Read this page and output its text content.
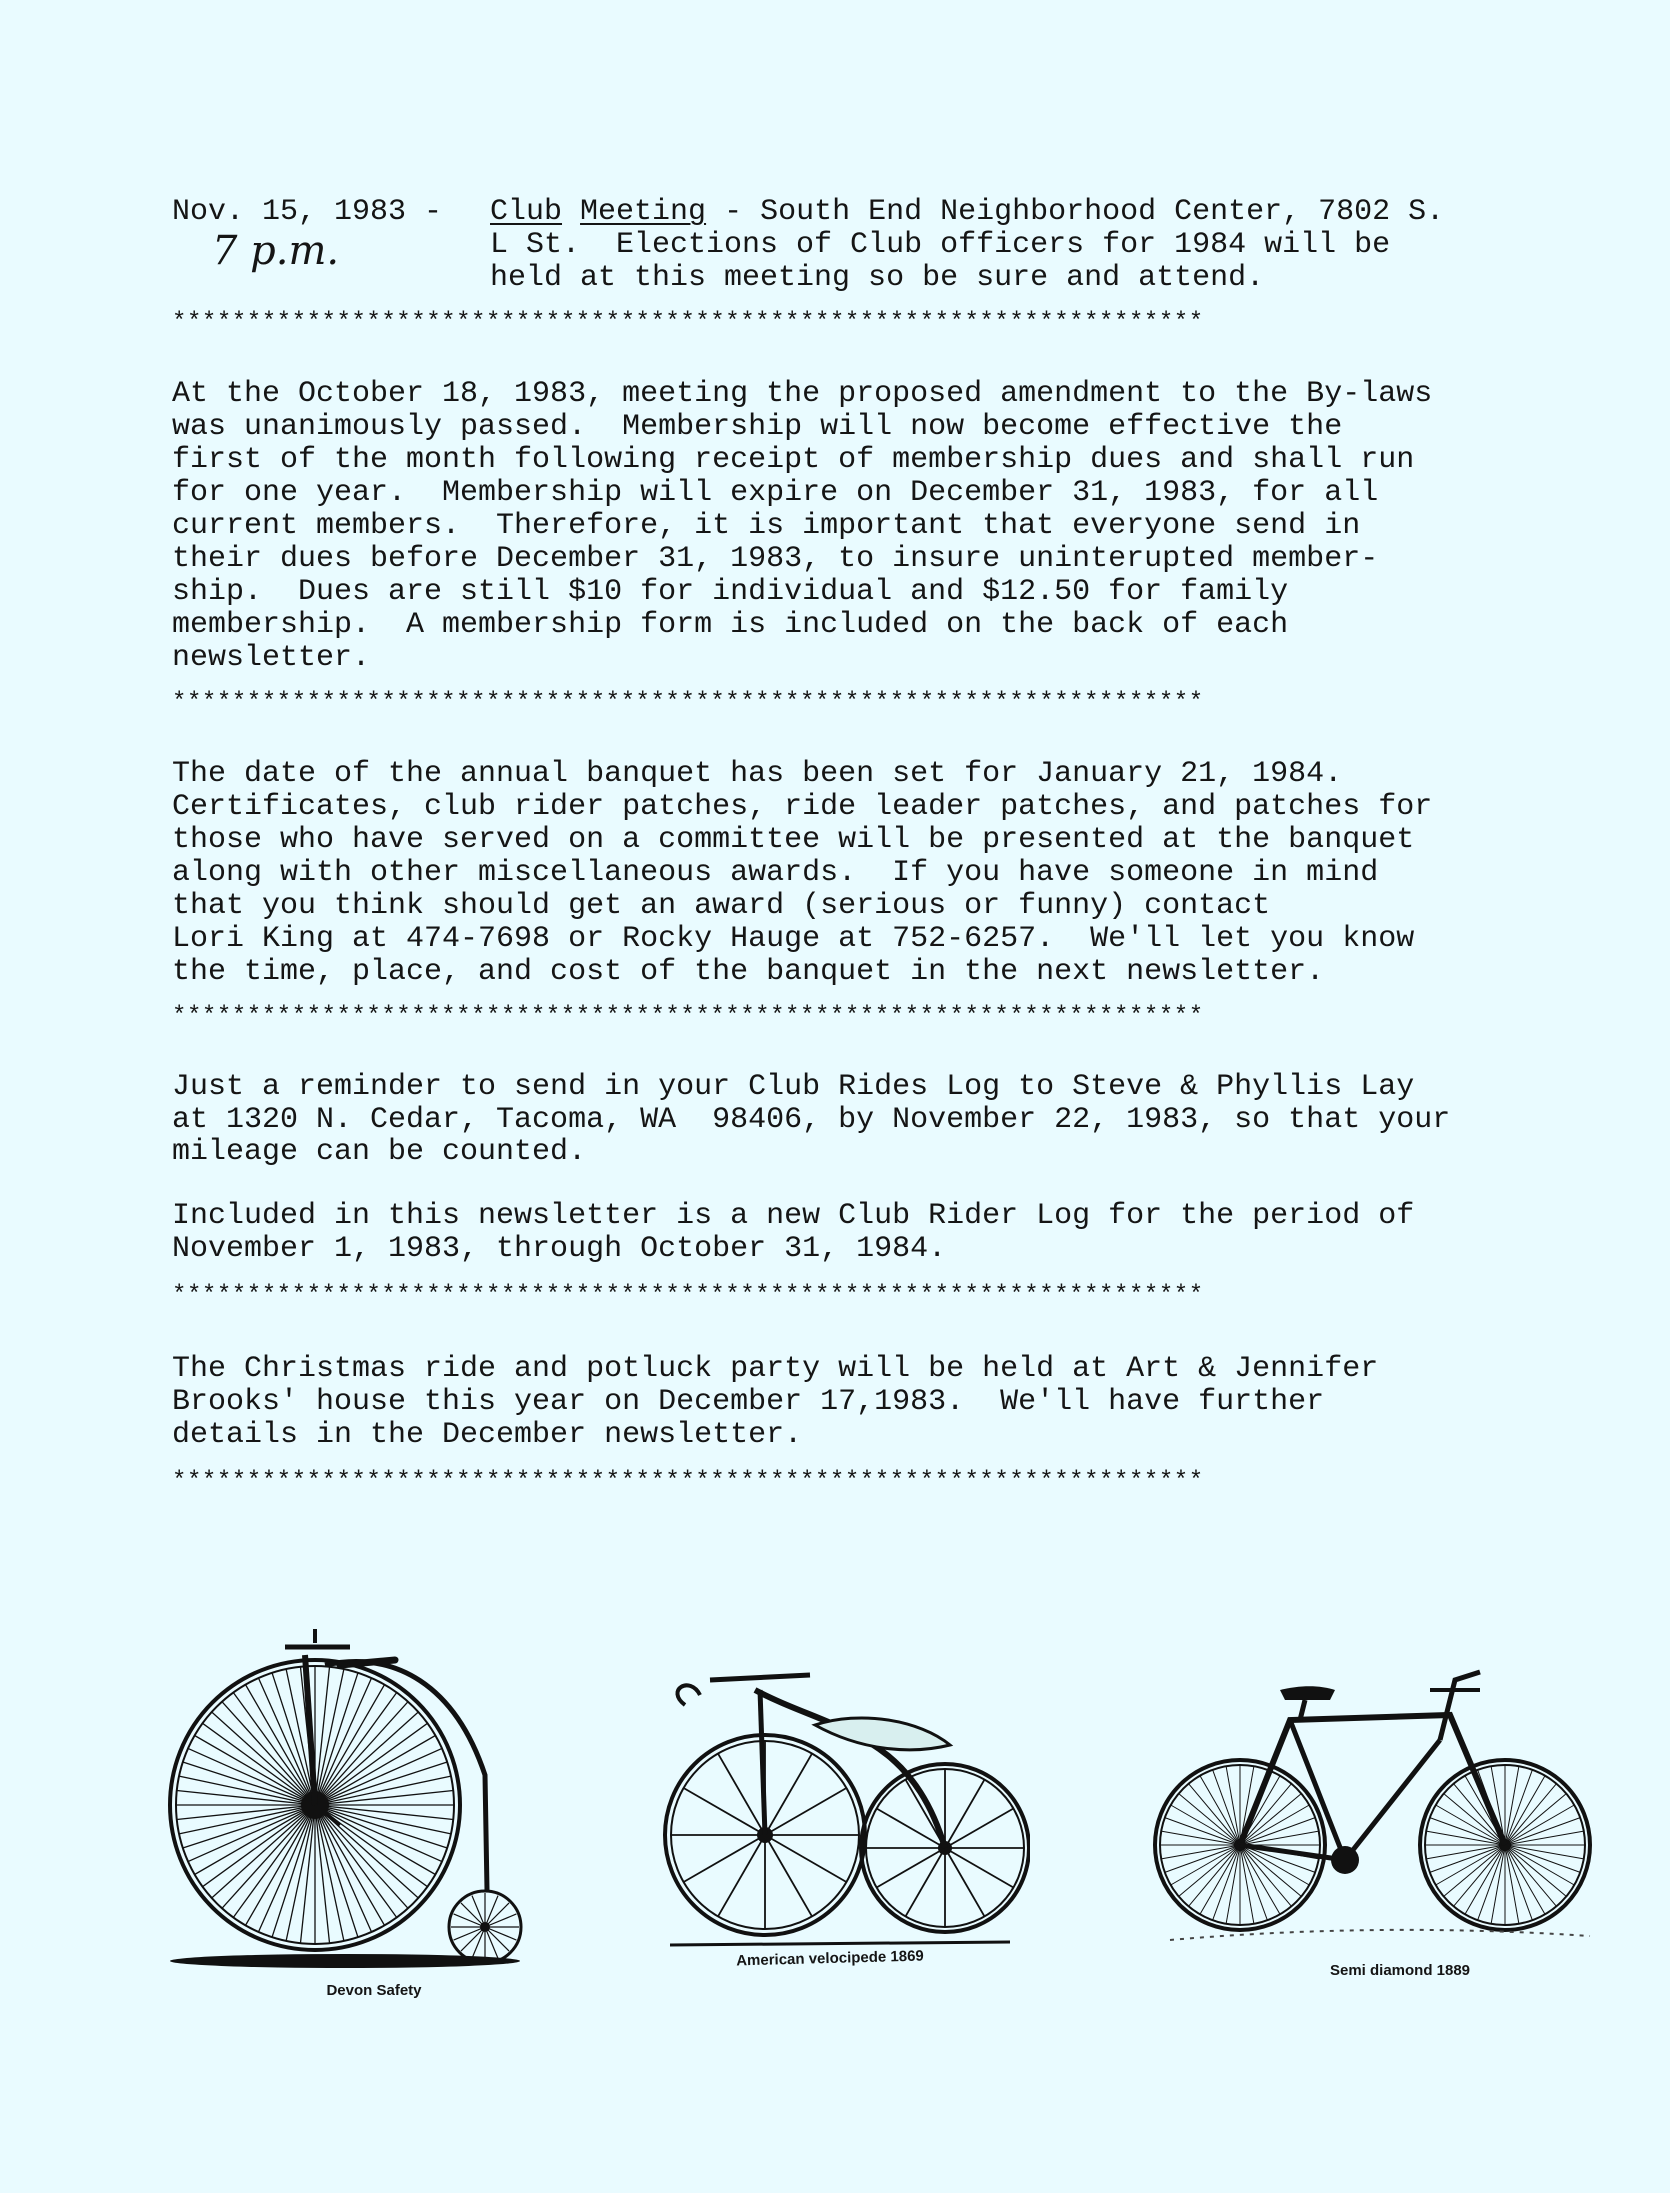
Nov. 15, 1983 -
7 p.m.
Club Meeting - South End Neighborhood Center, 7802 S.
L St.  Elections of Club officers for 1984 will be
held at this meeting so be sure and attend.
*********************************************************************
At the October 18, 1983, meeting the proposed amendment to the By-laws
was unanimously passed.  Membership will now become effective the
first of the month following receipt of membership dues and shall run
for one year.  Membership will expire on December 31, 1983, for all
current members.  Therefore, it is important that everyone send in
their dues before December 31, 1983, to insure uninterupted member-
ship.  Dues are still $10 for individual and $12.50 for family
membership.  A membership form is included on the back of each
newsletter.
*********************************************************************
The date of the annual banquet has been set for January 21, 1984.
Certificates, club rider patches, ride leader patches, and patches for
those who have served on a committee will be presented at the banquet
along with other miscellaneous awards.  If you have someone in mind
that you think should get an award (serious or funny) contact
Lori King at 474-7698 or Rocky Hauge at 752-6257.  We'll let you know
the time, place, and cost of the banquet in the next newsletter.
*********************************************************************
Just a reminder to send in your Club Rides Log to Steve & Phyllis Lay
at 1320 N. Cedar, Tacoma, WA  98406, by November 22, 1983, so that your
mileage can be counted.
Included in this newsletter is a new Club Rider Log for the period of
November 1, 1983, through October 31, 1984.
*********************************************************************
The Christmas ride and potluck party will be held at Art & Jennifer
Brooks' house this year on December 17,1983.  We'll have further
details in the December newsletter.
*********************************************************************
Devon Safety
American velocipede 1869
Semi diamond 1889
